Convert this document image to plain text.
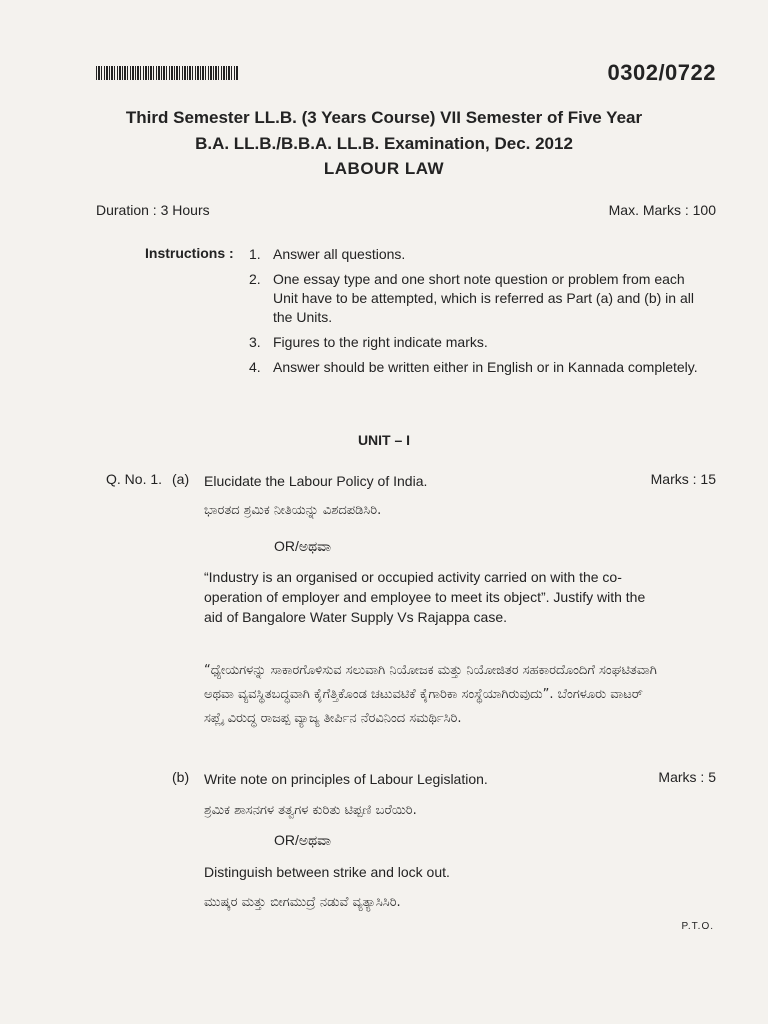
0302/0722
Third Semester LL.B. (3 Years Course) VII Semester of Five Year
B.A. LL.B./B.B.A. LL.B. Examination, Dec. 2012
LABOUR LAW
Duration : 3 Hours	Max. Marks : 100
Instructions : 1. Answer all questions.
2. One essay type and one short note question or problem from each Unit have to be attempted, which is referred as Part (a) and (b) in all the Units.
3. Figures to the right indicate marks.
4. Answer should be written either in English or in Kannada completely.
UNIT – I
Q. No. 1. (a) Elucidate the Labour Policy of India.	Marks : 15
ಭಾರತದ ಶ್ರಮಿಕ ನೀತಿಯನ್ನು ವಿಶದಪಡಿಸಿರಿ.
OR/ಅಥವಾ
“Industry is an organised or occupied activity carried on with the co-operation of employer and employee to meet its object”. Justify with the aid of Bangalore Water Supply Vs Rajappa case.
“ಧ್ಯೇಯಗಳನ್ನು ಸಾಕಾರಗೊಳಿಸುವ ಸಲುವಾಗಿ ನಿಯೋಜಕ ಮತ್ತು ನಿಯೋಜಿತರ ಸಹಕಾರದೊಂದಿಗೆ ಸಂಘಟಿತವಾಗಿ ಅಥವಾ ವ್ಯವಸ್ಥಿತಬದ್ಧವಾಗಿ ಕೈಗೆತ್ತಿಕೊಂಡ ಚಟುವಟಿಕೆ ಕೈಗಾರಿಕಾ ಸಂಸ್ಥೆಯಾಗಿರುವುದು”. ಬೆಂಗಳೂರು ವಾಟರ್ ಸಪ್ಲೈ ವಿರುದ್ಧ ರಾಜಪ್ಪ ವ್ಯಾಜ್ಯ ತೀರ್ಪಿನ ನೆರವಿನಿಂದ ಸಮರ್ಥಿಸಿರಿ.
(b) Write note on principles of Labour Legislation.	Marks : 5
ಶ್ರಮಿಕ ಶಾಸನಗಳ ತತ್ವಗಳ ಕುರಿತು ಟಿಪ್ಪಣಿ ಬರೆಯಿರಿ.
OR/ಅಥವಾ
Distinguish between strike and lock out.
ಮುಷ್ಕರ ಮತ್ತು ಬೀಗಮುದ್ರೆ ನಡುವೆ ವ್ಯತ್ಯಾಸಿಸಿರಿ.
P.T.O.
